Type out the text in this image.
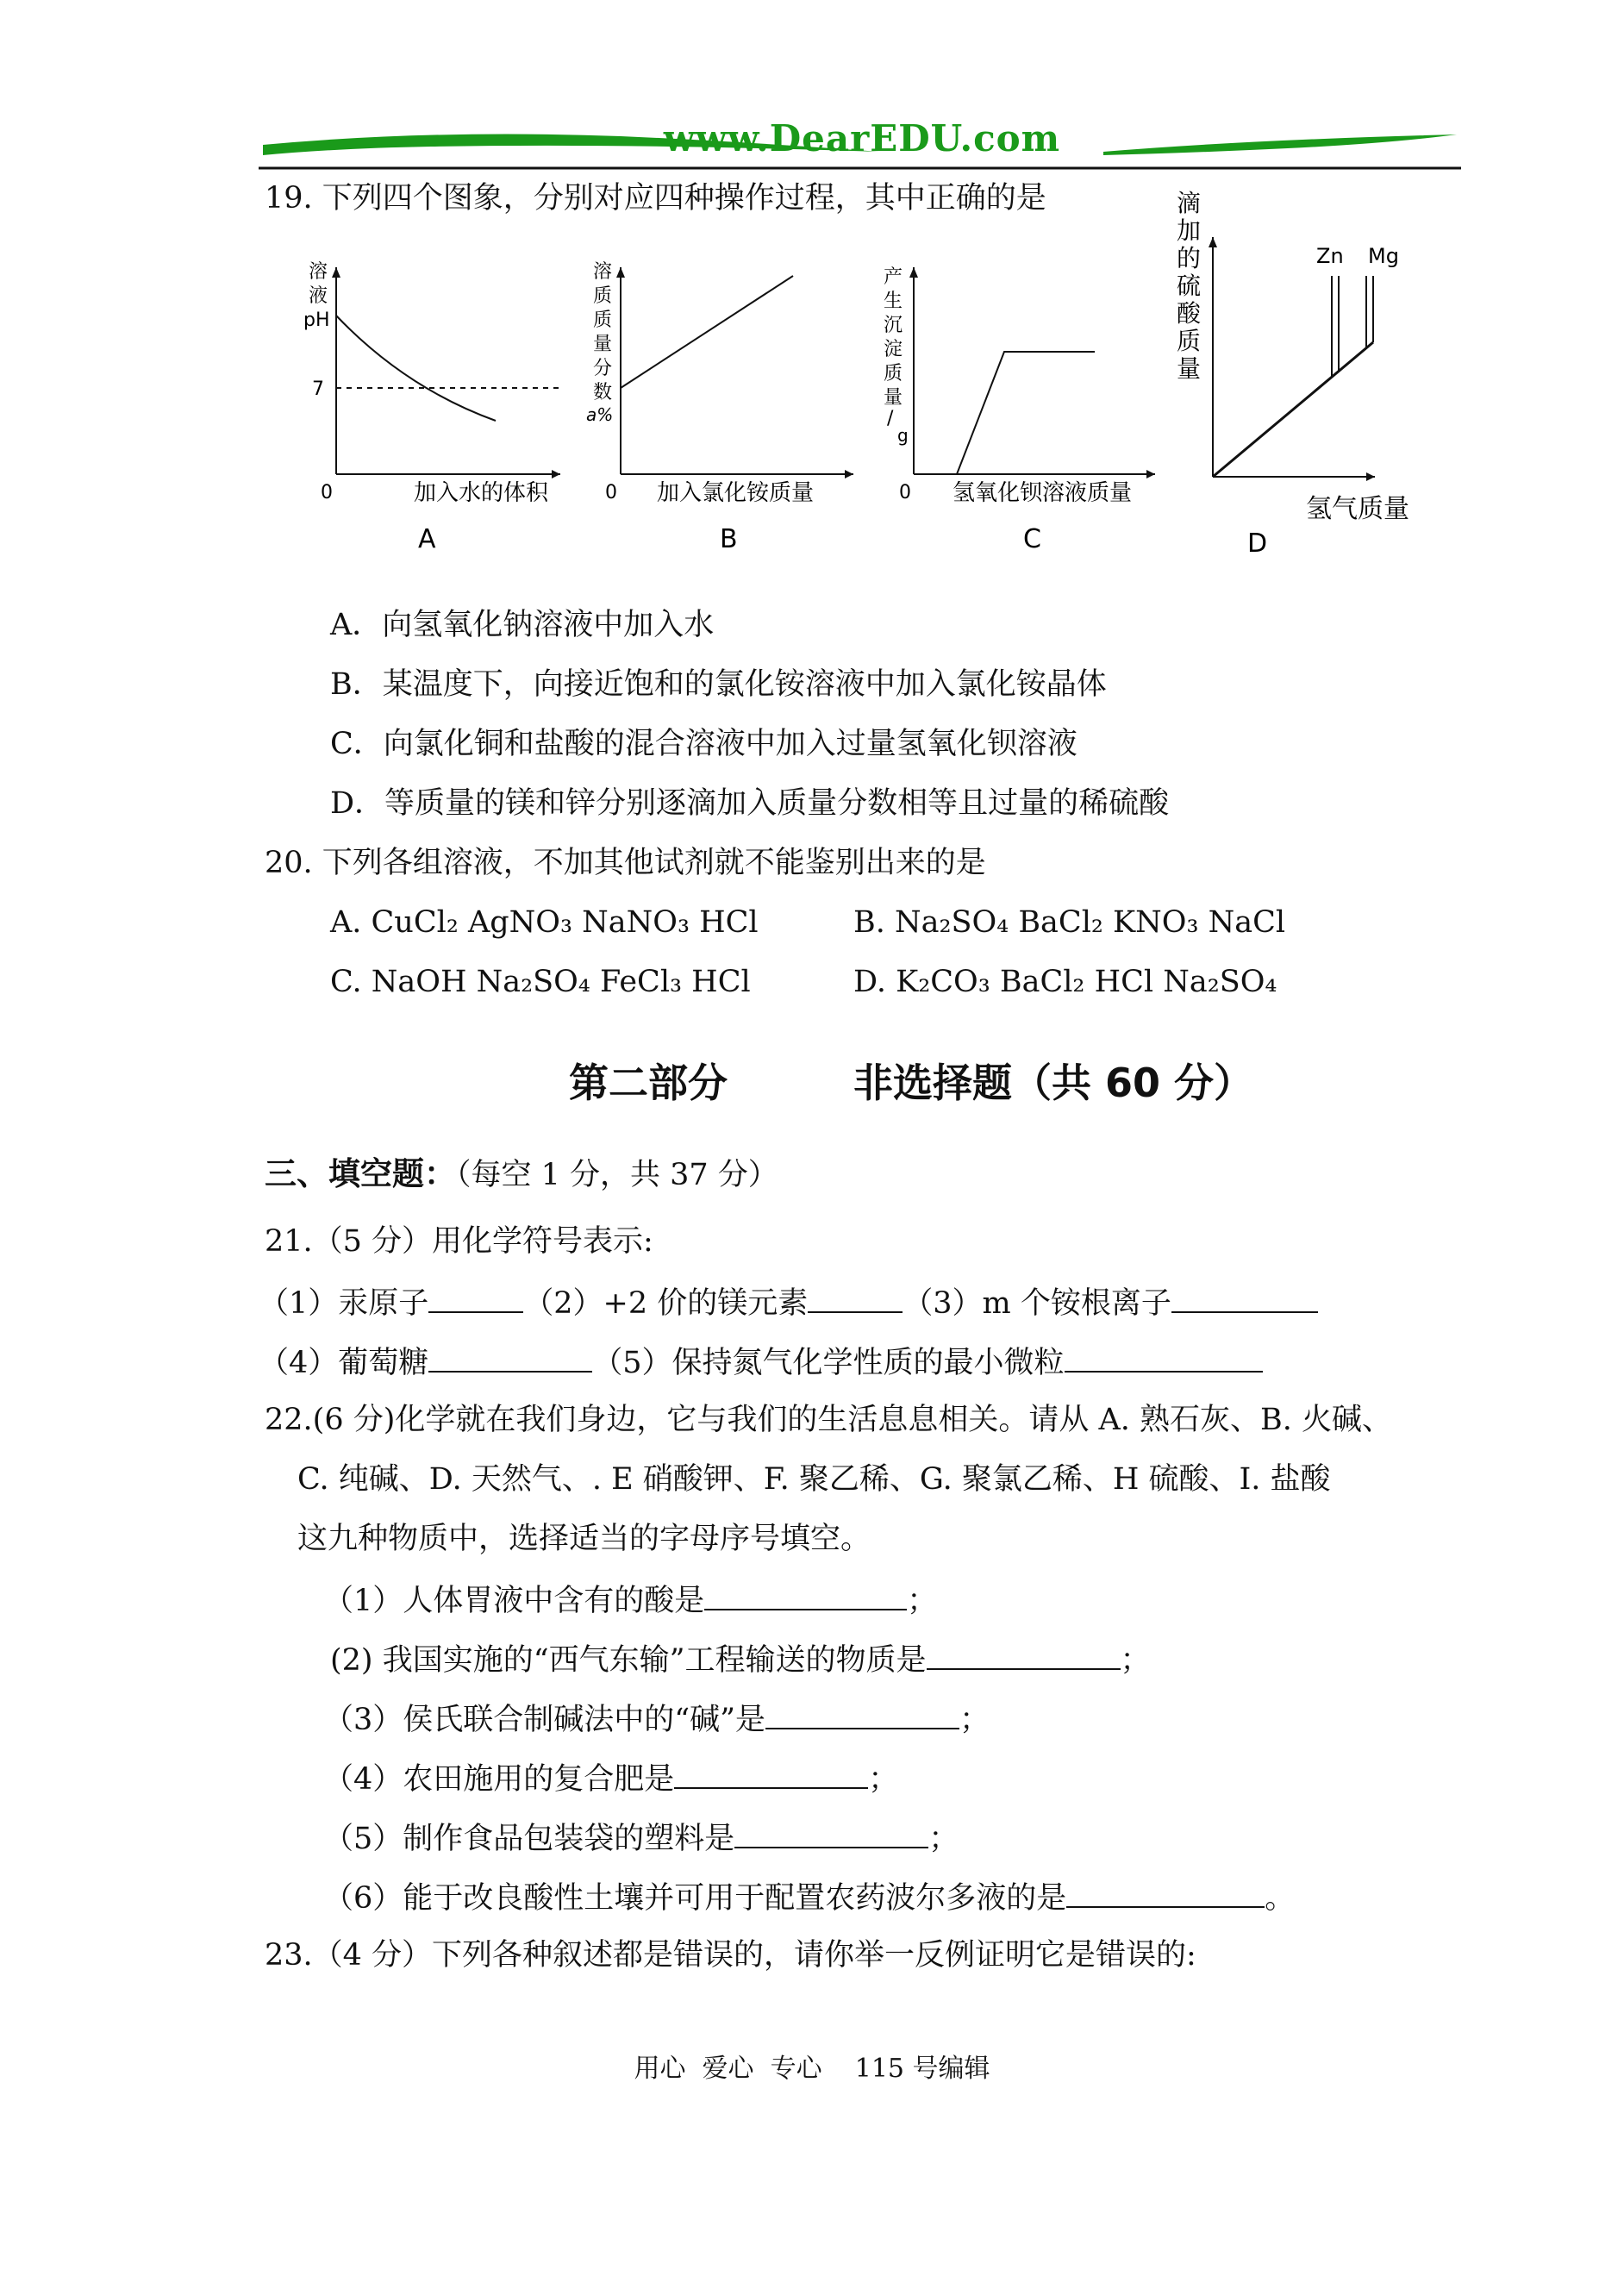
www.DearEDU.com
19. 下列四个图象，分别对应四种操作过程，其中正确的是
溶
液
pH
7
0	加入水的体积
A
溶
质
质
量
分
数
a%
0 加入氯化铵质量
B
产
生
沉
淀
质
量
/
g
0 氢氧化钡溶液质量
C
滴
加
的
硫
酸
质
量
Zn Mg
氢气质量
D
A．向氢氧化钠溶液中加入水
B．某温度下，向接近饱和的氯化铵溶液中加入氯化铵晶体
C．向氯化铜和盐酸的混合溶液中加入过量氢氧化钡溶液
D．等质量的镁和锌分别逐滴加入质量分数相等且过量的稀硫酸
20. 下列各组溶液，不加其他试剂就不能鉴别出来的是
A. CuCl₂ AgNO₃ NaNO₃ HCl	B. Na₂SO₄ BaCl₂ KNO₃ NaCl
C. NaOH Na₂SO₄ FeCl₃ HCl	D. K₂CO₃ BaCl₂ HCl Na₂SO₄
第二部分	非选择题（共 60 分）
三、填空题：（每空 1 分，共 37 分）
21.（5 分）用化学符号表示:
（1）汞原子	（2）+2 价的镁元素	（3）m 个铵根离子
（4）葡萄糖	（5）保持氮气化学性质的最小微粒
22.(6 分)化学就在我们身边，它与我们的生活息息相关。请从 A. 熟石灰、B. 火碱、
C. 纯碱、D. 天然气、. E 硝酸钾、F. 聚乙稀、G. 聚氯乙稀、H 硫酸、I. 盐酸
这九种物质中，选择适当的字母序号填空。
（1）人体胃液中含有的酸是	；
(2) 我国实施的“西气东输”工程输送的物质是	；
（3）侯氏联合制碱法中的“碱”是	；
（4）农田施用的复合肥是	；
（5）制作食品包装袋的塑料是	；
（6）能于改良酸性土壤并可用于配置农药波尔多液的是	。
23.（4 分）下列各种叙述都是错误的，请你举一反例证明它是错误的:
用心  爱心  专心    115 号编辑
